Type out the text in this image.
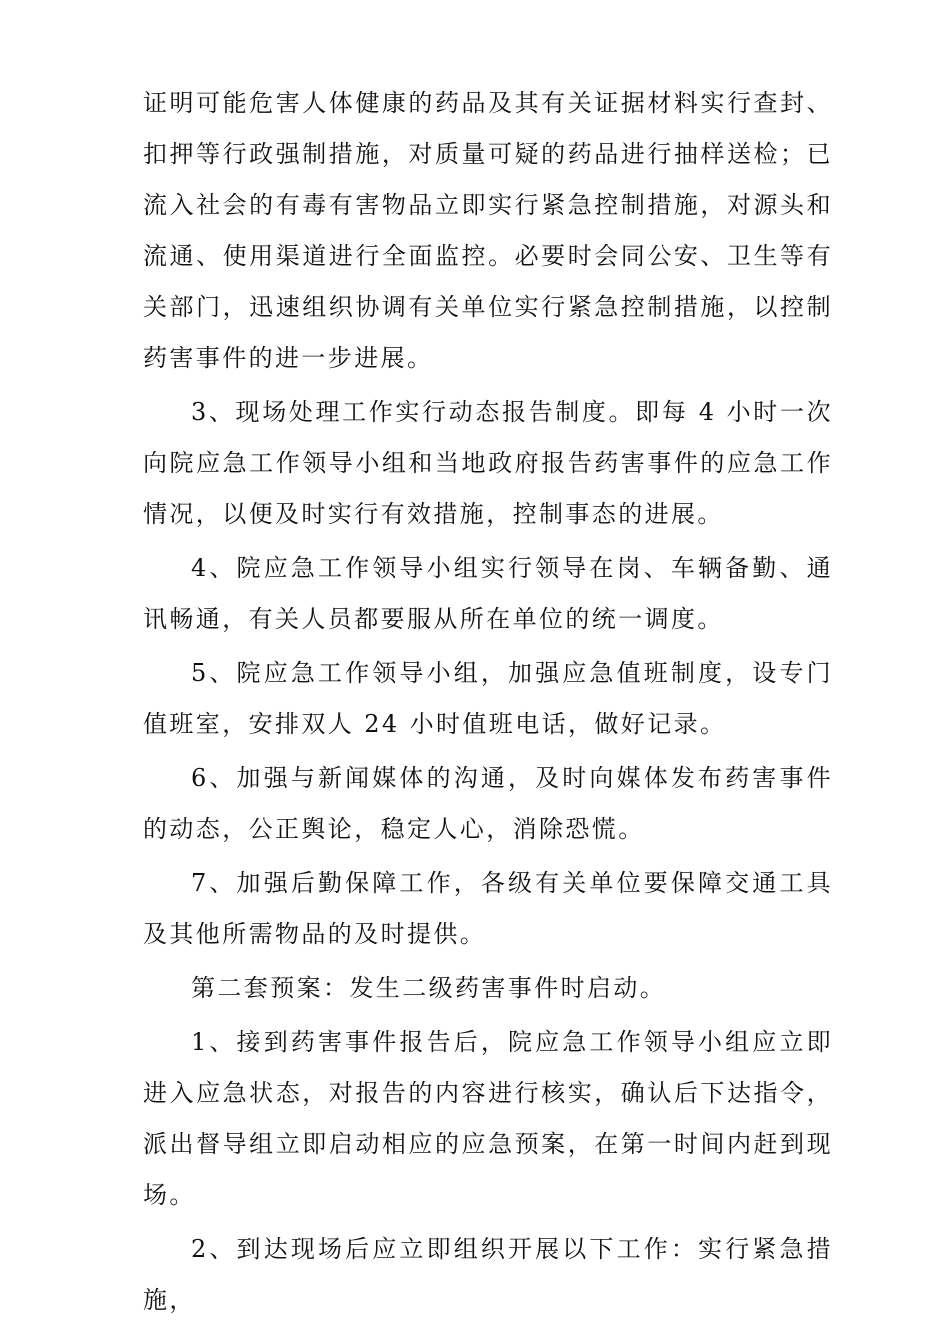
证明可能危害人体健康的药品及其有关证据材料实行查封、扣押等行政强制措施，对质量可疑的药品进行抽样送检；已流入社会的有毒有害物品立即实行紧急控制措施，对源头和流通、使用渠道进行全面监控。必要时会同公安、卫生等有关部门，迅速组织协调有关单位实行紧急控制措施，以控制药害事件的进一步进展。

3、现场处理工作实行动态报告制度。即每 4 小时一次向院应急工作领导小组和当地政府报告药害事件的应急工作情况，以便及时实行有效措施，控制事态的进展。

4、院应急工作领导小组实行领导在岗、车辆备勤、通讯畅通，有关人员都要服从所在单位的统一调度。

5、院应急工作领导小组，加强应急值班制度，设专门值班室，安排双人 24 小时值班电话，做好记录。

6、加强与新闻媒体的沟通，及时向媒体发布药害事件的动态，公正舆论，稳定人心，消除恐慌。

7、加强后勤保障工作，各级有关单位要保障交通工具及其他所需物品的及时提供。

第二套预案：发生二级药害事件时启动。

1、接到药害事件报告后，院应急工作领导小组应立即进入应急状态，对报告的内容进行核实，确认后下达指令，派出督导组立即启动相应的应急预案，在第一时间内赶到现场。

2、到达现场后应立即组织开展以下工作：实行紧急措施，
